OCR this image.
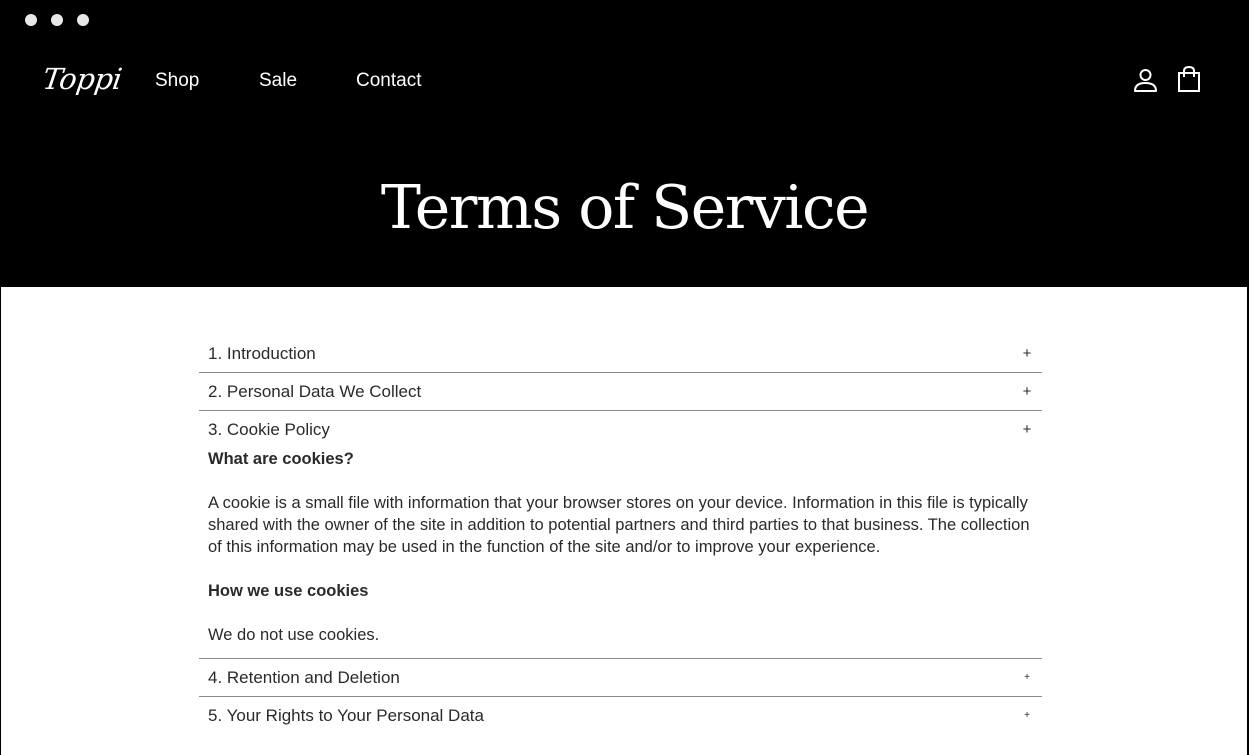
Toppi Shop	Sale	Contact
Terms of Service
1. Introduction	+
2. Personal Data We Collect	+
3. Cookie Policy	+
What are cookies?

A cookie is a small file with information that your browser stores on your device. Information in this file is typically shared with the owner of the site in addition to potential partners and third parties to that business. The collection of this information may be used in the function of the site and/or to improve your experience.

How we use cookies

We do not use cookies.

4. Retention and Deletion	+
5. Your Rights to Your Personal Data	+
